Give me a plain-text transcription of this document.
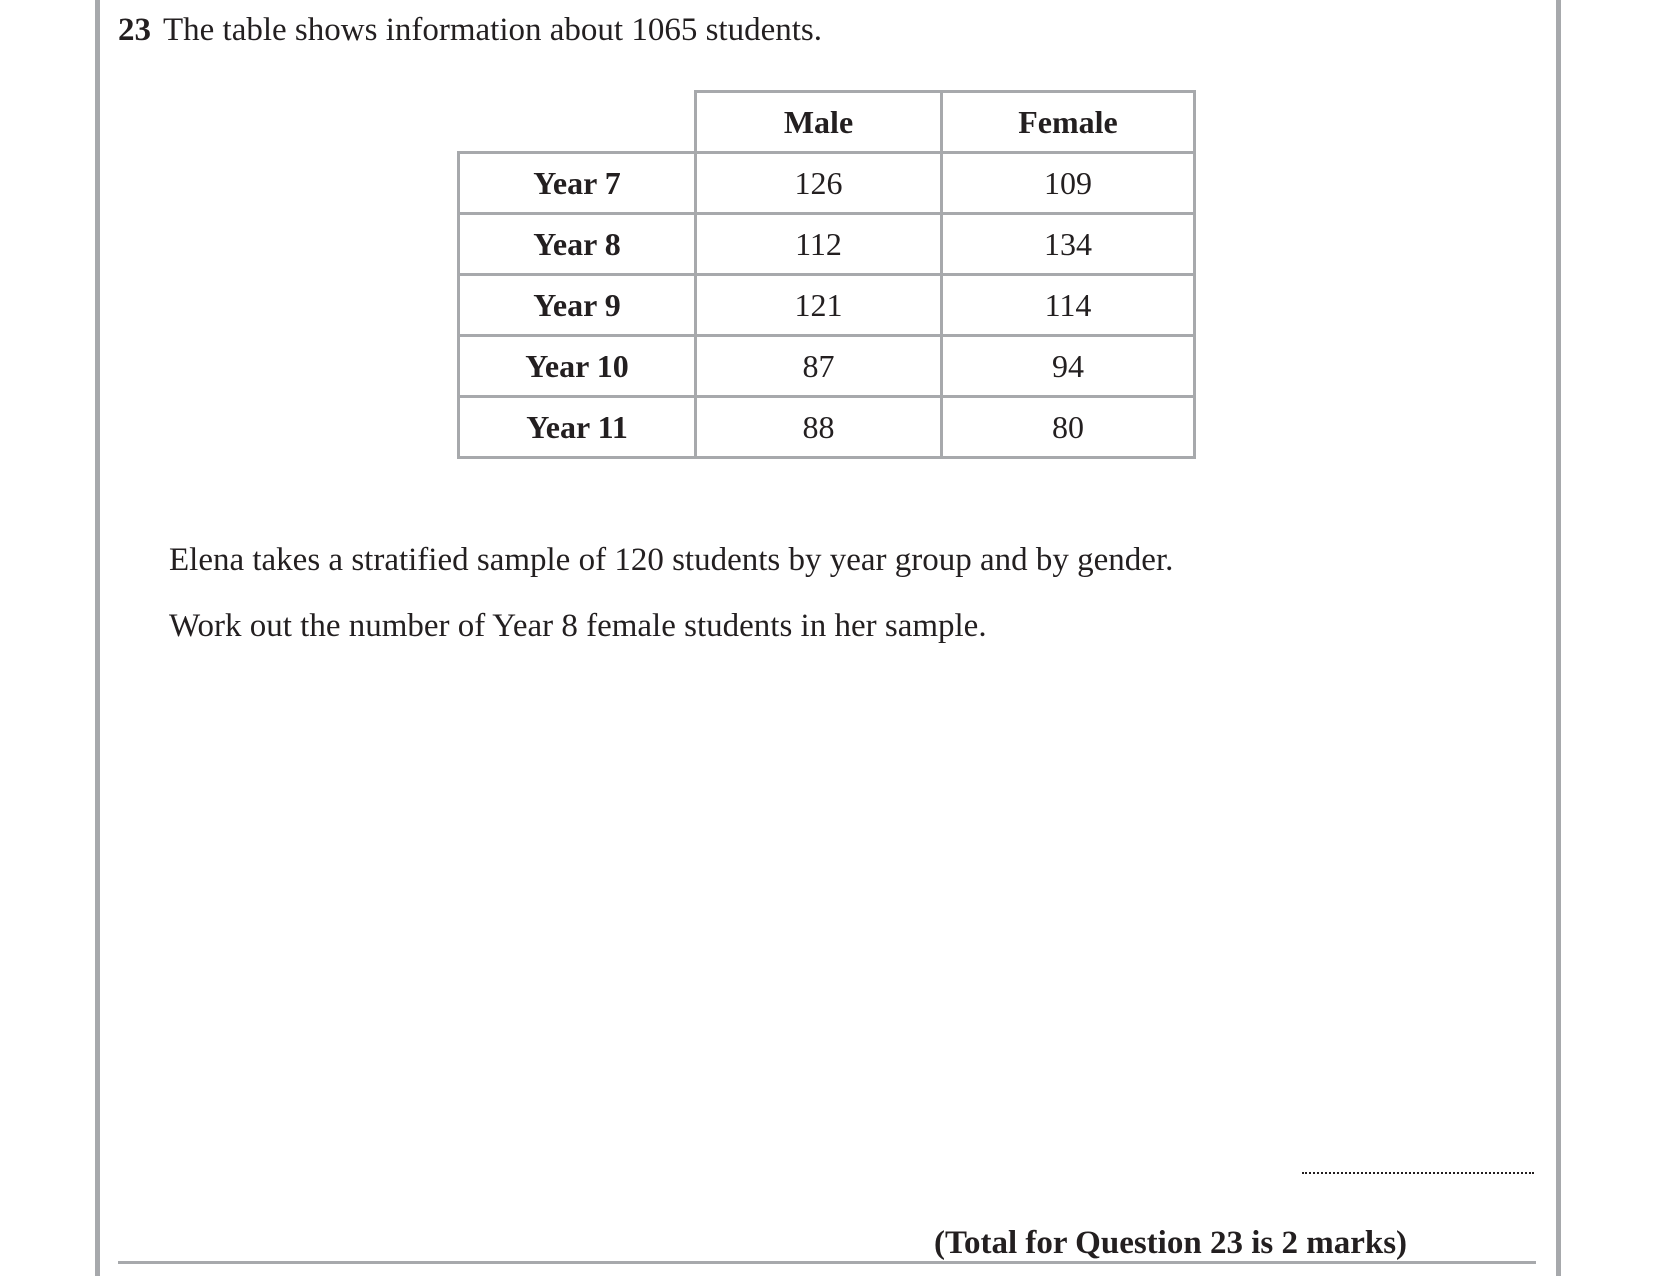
23 The table shows information about 1065 students.
	Male	Female
Year 7	126	109
Year 8	112	134
Year 9	121	114
Year 10	87	94
Year 11	88	80
Elena takes a stratified sample of 120 students by year group and by gender.
Work out the number of Year 8 female students in her sample.
(Total for Question 23 is 2 marks)
